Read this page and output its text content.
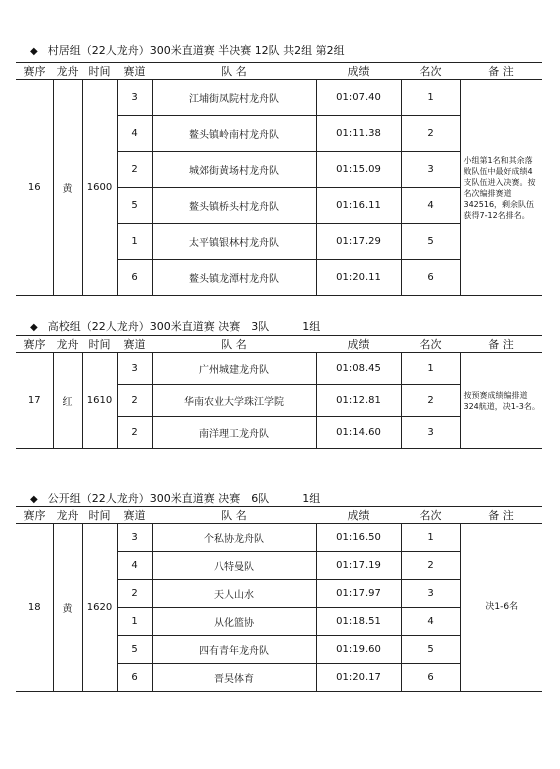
◆ 村居组（22人龙舟）300米直道赛 半决赛 12队 共2组 第2组
赛序	龙舟	时间	赛道	队 名	成绩	名次	备 注
16	黄	1600	3	江埔街凤院村龙舟队	01:07.40	1	小组第1名和其余落败队伍中最好成绩4支队伍进入决赛。按名次编排赛道342516，剩余队伍获得7-12名排名。
			4	鳌头镇岭南村龙舟队	01:11.38	2	
			2	城郊街黄场村龙舟队	01:15.09	3	
			5	鳌头镇桥头村龙舟队	01:16.11	4	
			1	太平镇银林村龙舟队	01:17.29	5	
			6	鳌头镇龙潭村龙舟队	01:20.11	6	
◆ 高校组（22人龙舟）300米直道赛 决赛　3队　　　1组
赛序	龙舟	时间	赛道	队 名	成绩	名次	备 注
17	红	1610	3	广州城建龙舟队	01:08.45	1	按预赛成绩编排道324航道，决1-3名。
			2	华南农业大学珠江学院	01:12.81	2	
			2	南洋理工龙舟队	01:14.60	3	
◆ 公开组（22人龙舟）300米直道赛 决赛　6队　　　1组
赛序	龙舟	时间	赛道	队 名	成绩	名次	备 注
18	黄	1620	3	个私协龙舟队	01:16.50	1	决1-6名
			4	八特曼队	01:17.19	2	
			2	天人山水	01:17.97	3	
			1	从化篮协	01:18.51	4	
			5	四有青年龙舟队	01:19.60	5	
			6	晋昊体育	01:20.17	6	
